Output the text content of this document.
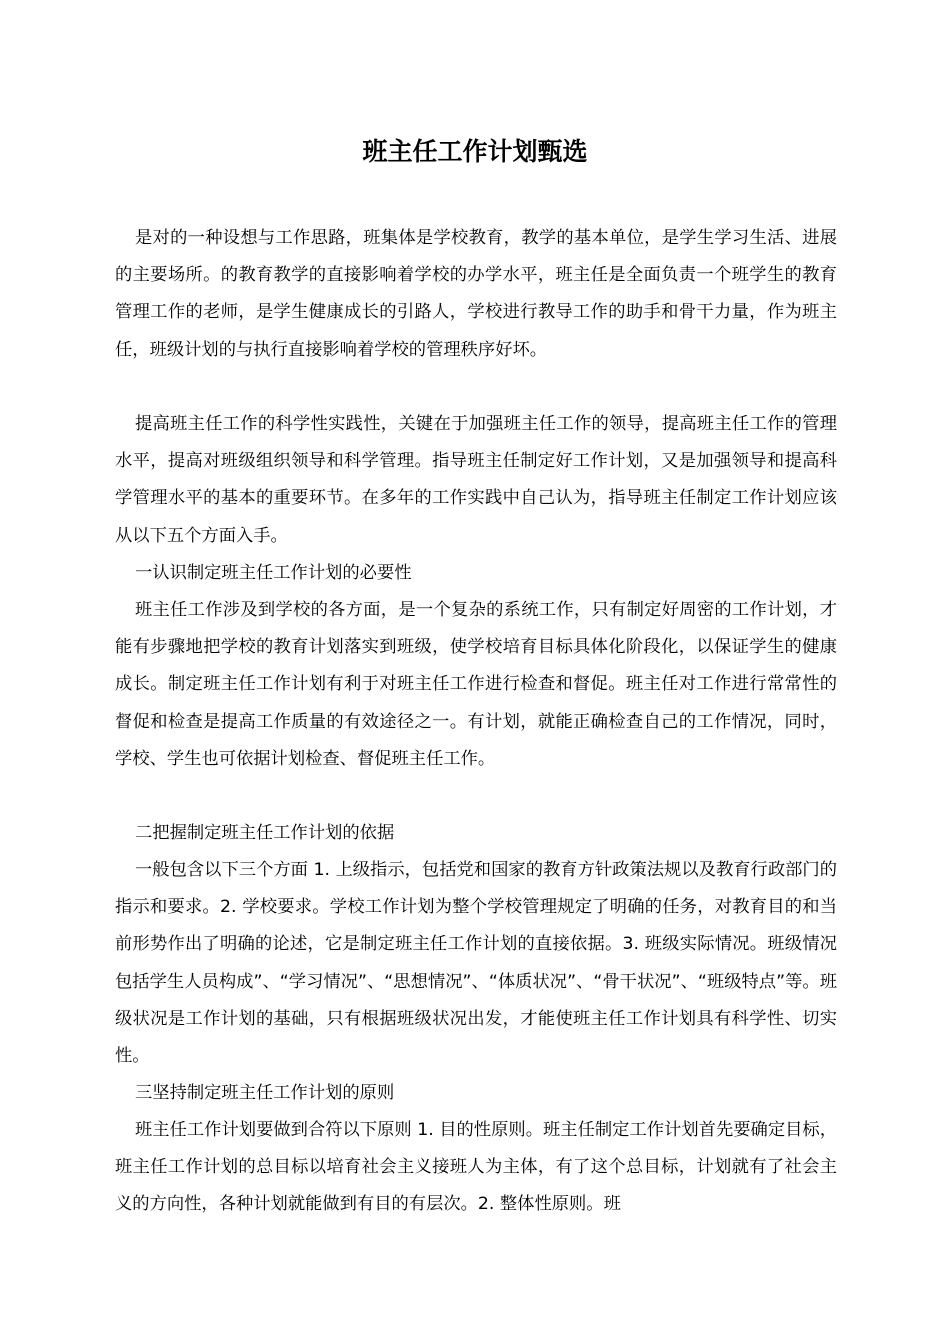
班主任工作计划甄选

是对的一种设想与工作思路，班集体是学校教育，教学的基本单位，是学生学习生活、进展的主要场所。的教育教学的直接影响着学校的办学水平，班主任是全面负责一个班学生的教育管理工作的老师，是学生健康成长的引路人，学校进行教导工作的助手和骨干力量，作为班主任，班级计划的与执行直接影响着学校的管理秩序好坏。

提高班主任工作的科学性实践性，关键在于加强班主任工作的领导，提高班主任工作的管理水平，提高对班级组织领导和科学管理。指导班主任制定好工作计划，又是加强领导和提高科学管理水平的基本的重要环节。在多年的工作实践中自己认为，指导班主任制定工作计划应该从以下五个方面入手。

一认识制定班主任工作计划的必要性

班主任工作涉及到学校的各方面，是一个复杂的系统工作，只有制定好周密的工作计划，才能有步骤地把学校的教育计划落实到班级，使学校培育目标具体化阶段化，以保证学生的健康成长。制定班主任工作计划有利于对班主任工作进行检查和督促。班主任对工作进行常常性的督促和检查是提高工作质量的有效途径之一。有计划，就能正确检查自己的工作情况，同时，学校、学生也可依据计划检查、督促班主任工作。

二把握制定班主任工作计划的依据

一般包含以下三个方面 1. 上级指示，包括党和国家的教育方针政策法规以及教育行政部门的指示和要求。2. 学校要求。学校工作计划为整个学校管理规定了明确的任务，对教育目的和当前形势作出了明确的论述，它是制定班主任工作计划的直接依据。3. 班级实际情况。班级情况包括学生人员构成”、“学习情况”、“思想情况”、“体质状况”、“骨干状况”、“班级特点”等。班级状况是工作计划的基础，只有根据班级状况出发，才能使班主任工作计划具有科学性、切实性。

三坚持制定班主任工作计划的原则

班主任工作计划要做到合符以下原则 1. 目的性原则。班主任制定工作计划首先要确定目标，班主任工作计划的总目标以培育社会主义接班人为主体，有了这个总目标，计划就有了社会主义的方向性，各种计划就能做到有目的有层次。2. 整体性原则。班
